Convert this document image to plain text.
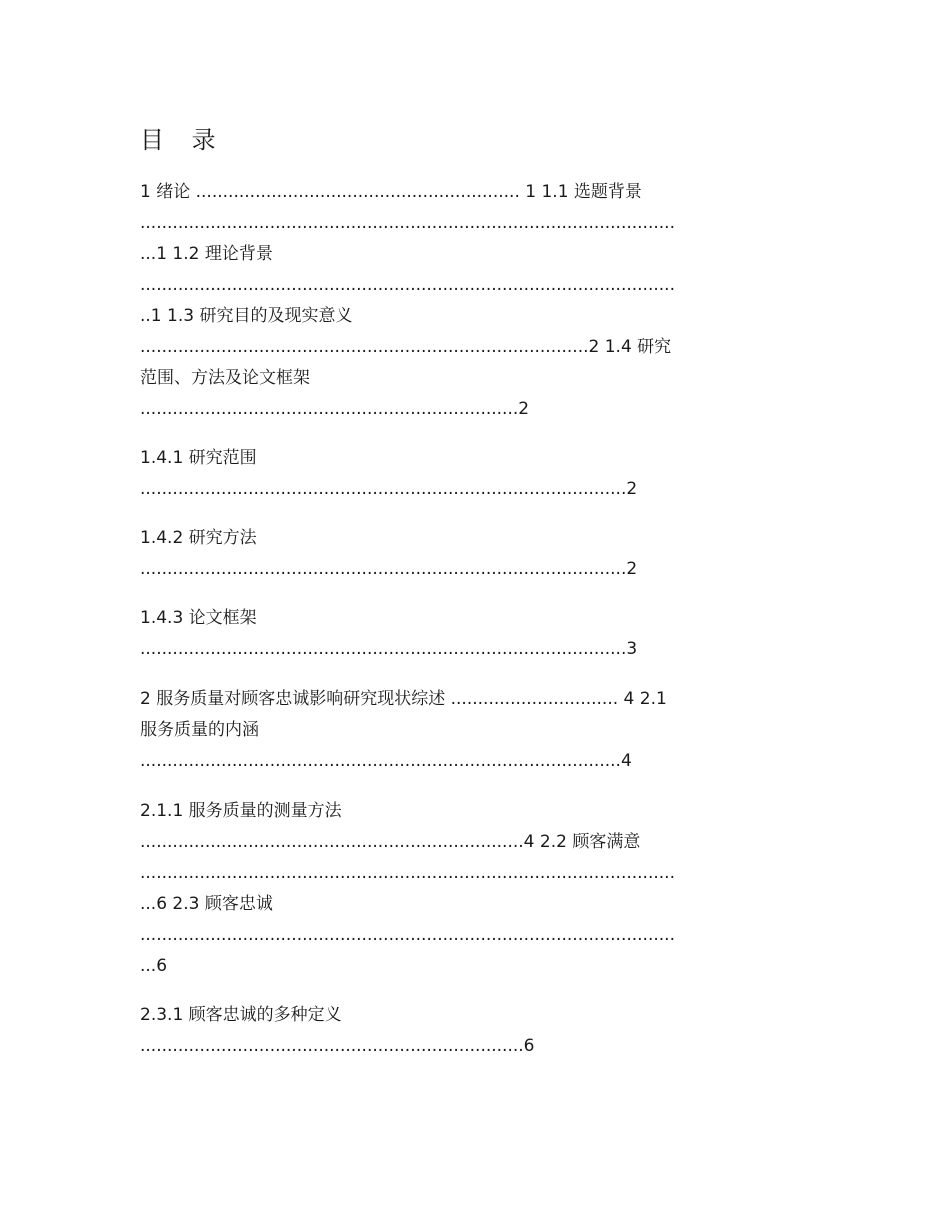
目 录

1 绪论 ............................................................ 1 1.1 选题背景

...................................................................................................

...1 1.2 理论背景

...................................................................................................

..1 1.3 研究目的及现实意义

...................................................................................2 1.4 研究

范围、方法及论文框架

......................................................................2

1.4.1 研究范围

..........................................................................................2

1.4.2 研究方法

..........................................................................................2

1.4.3 论文框架

..........................................................................................3

2 服务质量对顾客忠诚影响研究现状综述 ............................... 4 2.1

服务质量的内涵

.........................................................................................4

2.1.1 服务质量的测量方法

.......................................................................4 2.2 顾客满意

...................................................................................................

...6 2.3 顾客忠诚

...................................................................................................

...6

2.3.1 顾客忠诚的多种定义

.......................................................................6
